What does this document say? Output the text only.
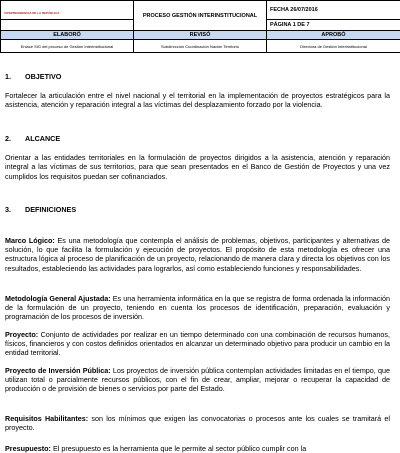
VICEPRESIDENCIA DE LA REPÚBLICA	PROCESO GESTIÓN INTERINSTITUCIONAL	FECHA 26/07/2016
		PÁGINA 1 DE 7
ELABORÓ	REVISÓ	APROBÓ
Enlace SIG del proceso de Gestión Interinstitucional	Subdirección Coordinación Nación Territorio	Directora de Gestión Interinstitucional

1. OBJETIVO

Fortalecer la articulación entre el nivel nacional y el territorial en la implementación de proyectos estratégicos para la asistencia, atención y reparación integral a las víctimas del desplazamiento forzado por la violencia.

2. ALCANCE

Orientar a las entidades territoriales en la formulación de proyectos dirigidos a la asistencia, atención y reparación integral a las víctimas de sus territorios, para que sean presentados en el Banco de Gestión de Proyectos y una vez cumplidos los requisitos puedan ser cofinanciados.

3. DEFINICIONES

Marco Lógico: Es una metodología que contempla el análisis de problemas, objetivos, participantes y alternativas de solución, lo que facilita la formulación y ejecución de proyectos. El propósito de esta metodología es ofrecer una estructura lógica al proceso de planificación de un proyecto, relacionando de manera clara y directa los objetivos con los resultados, estableciendo las actividades para lograrlos, así como estableciendo funciones y responsabilidades.

Metodología General Ajustada: Es una herramienta informática en la que se registra de forma ordenada la información de la formulación de un proyecto, teniendo en cuenta los procesos de identificación, preparación, evaluación y programación de los procesos de inversión.

Proyecto: Conjunto de actividades por realizar en un tiempo determinado con una combinación de recursos humanos, físicos, financieros y con costos definidos orientados en alcanzar un determinado objetivo para producir un cambio en la entidad territorial.

Proyecto de Inversión Pública: Los proyectos de inversión pública contemplan actividades limitadas en el tiempo, que utilizan total o parcialmente recursos públicos, con el fin de crear, ampliar, mejorar o recuperar la capacidad de producción o de provisión de bienes o servicios por parte del Estado.

Requisitos Habilitantes: son los mínimos que exigen las convocatorias o procesos ante los cuales se tramitará el proyecto.

Presupuesto: El presupuesto es la herramienta que le permite al sector público cumplir con la
